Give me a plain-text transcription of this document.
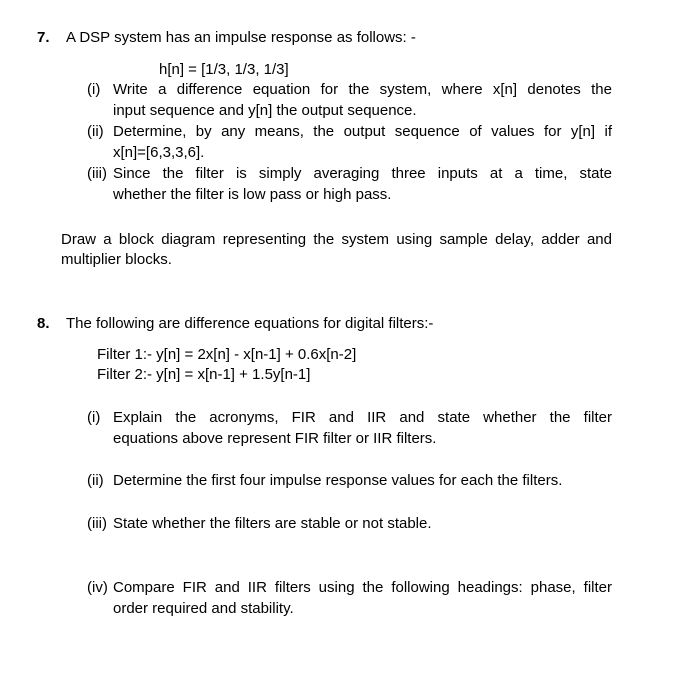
7. A DSP system has an impulse response as follows: -
h[n] = [1/3, 1/3, 1/3]
(i) Write a difference equation for the system, where x[n] denotes the
input sequence and y[n] the output sequence.
(ii) Determine, by any means, the output sequence of values for y[n] if
x[n]=[6,3,3,6].
(iii) Since the filter is simply averaging three inputs at a time, state
whether the filter is low pass or high pass.
Draw a block diagram representing the system using sample delay, adder and
multiplier blocks.
8. The following are difference equations for digital filters:-
Filter 1:- y[n] = 2x[n] - x[n-1] + 0.6x[n-2]
Filter 2:- y[n] = x[n-1] + 1.5y[n-1]
(i) Explain the acronyms, FIR and IIR and state whether the filter
equations above represent FIR filter or IIR filters.
(ii) Determine the first four impulse response values for each the filters.
(iii) State whether the filters are stable or not stable.
(iv) Compare FIR and IIR filters using the following headings: phase, filter
order required and stability.
